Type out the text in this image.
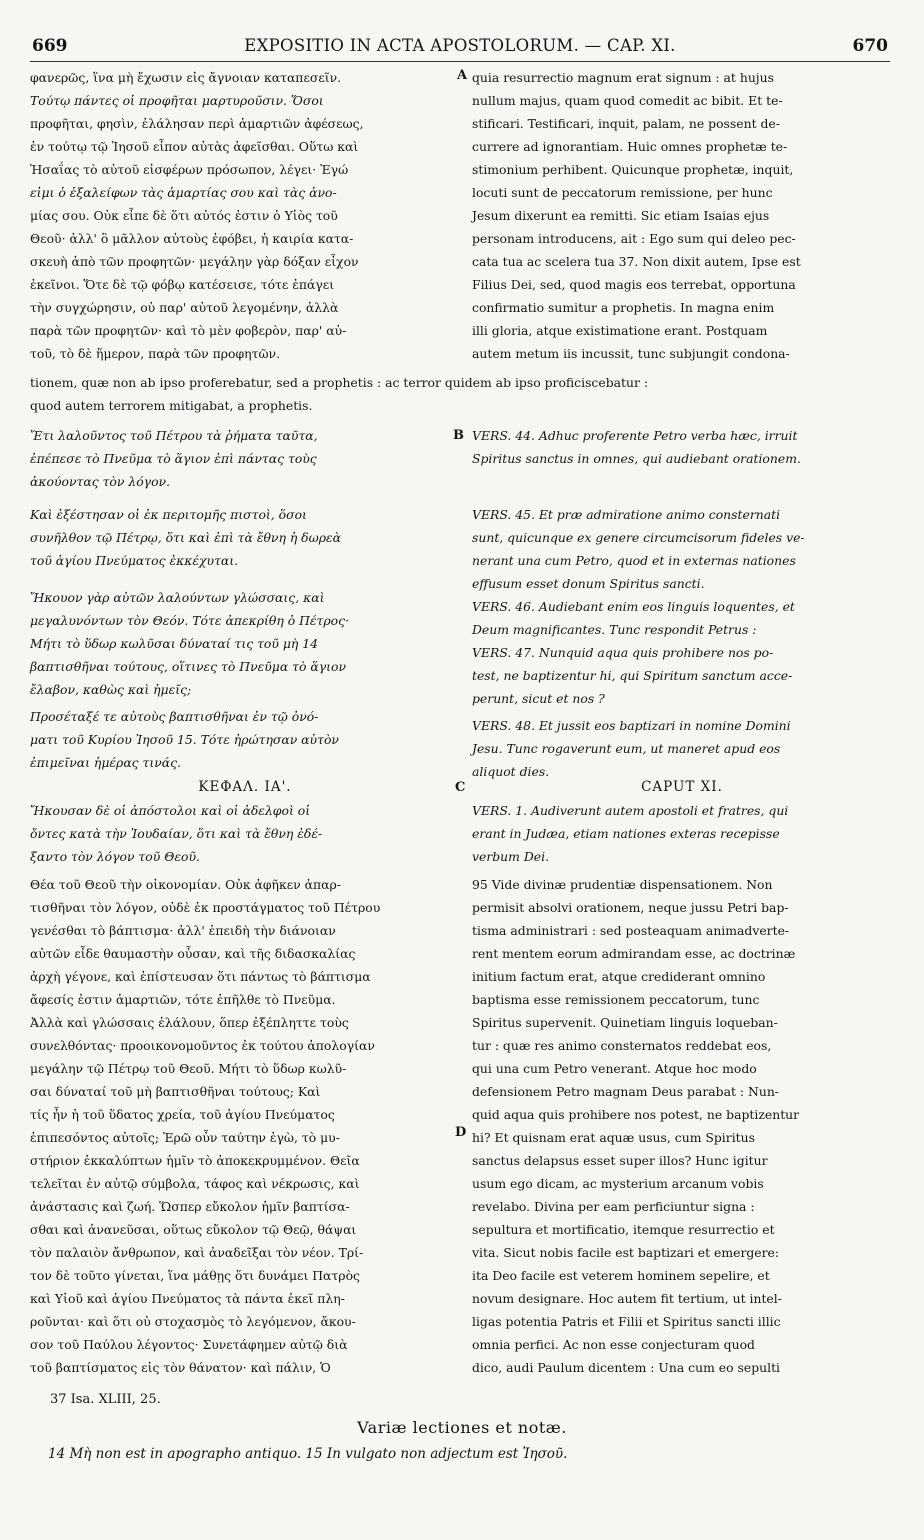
669	EXPOSITIO IN ACTA APOSTOLORUM. — CAP. XI.	670

φανερῶς, ἵνα μὴ ἔχωσιν εἰς ἄγνοιαν καταπεσεῖν.

Τούτῳ πάντες οἱ προφῆται μαρτυροῦσιν. Ὅσοι

προφῆται, φησὶν, ἐλάλησαν περὶ ἁμαρτιῶν ἀφέσεως,

ἐν τούτῳ τῷ Ἰησοῦ εἶπον αὐτὰς ἀφεῖσθαι. Οὕτω καὶ

Ἡσαΐας τὸ αὐτοῦ εἰσφέρων πρόσωπον, λέγει· Ἐγώ

εἰμι ὁ ἐξαλείφων τὰς ἁμαρτίας σου καὶ τὰς ἀνο-

μίας σου. Οὐκ εἶπε δὲ ὅτι αὐτός ἐστιν ὁ Υἱὸς τοῦ

Θεοῦ· ἀλλ' ὃ μᾶλλον αὐτοὺς ἐφόβει, ἡ καιρία κατα-

σκευὴ ἀπὸ τῶν προφητῶν· μεγάλην γὰρ δόξαν εἶχον

ἐκεῖνοι. Ὅτε δὲ τῷ φόβῳ κατέσεισε, τότε ἐπάγει

τὴν συγχώρησιν, οὐ παρ' αὐτοῦ λεγομένην, ἀλλὰ

παρὰ τῶν προφητῶν· καὶ τὸ μὲν φοβερὸν, παρ' αὐ-

τοῦ, τὸ δὲ ἥμερον, παρὰ τῶν προφητῶν.

A quia resurrectio magnum erat signum : at hujus

nullum majus, quam quod comedit ac bibit. Et te-

stificari. Testificari, inquit, palam, ne possent de-

currere ad ignorantiam. Huic omnes prophetæ te-

stimonium perhibent. Quicunque prophetæ, inquit,

locuti sunt de peccatorum remissione, per hunc

Jesum dixerunt ea remitti. Sic etiam Isaias ejus

personam introducens, ait : Ego sum qui deleo pec-

cata tua ac scelera tua 37. Non dixit autem, Ipse est

Filius Dei, sed, quod magis eos terrebat, opportuna

confirmatio sumitur a prophetis. In magna enim

illi gloria, atque existimatione erant. Postquam

autem metum iis incussit, tunc subjungit condona-

tionem, quæ non ab ipso proferebatur, sed a prophetis : ac terror quidem ab ipso proficiscebatur :

quod autem terrorem mitigabat, a prophetis.

Ἔτι λαλοῦντος τοῦ Πέτρου τὰ ῥήματα ταῦτα,

ἐπέπεσε τὸ Πνεῦμα τὸ ἅγιον ἐπὶ πάντας τοὺς

ἀκούοντας τὸν λόγον.

Καὶ ἐξέστησαν οἱ ἐκ περιτομῆς πιστοὶ, ὅσοι

συνῆλθον τῷ Πέτρῳ, ὅτι καὶ ἐπὶ τὰ ἔθνη ἡ δωρεὰ

τοῦ ἁγίου Πνεύματος ἐκκέχυται.

Ἤκουον γὰρ αὐτῶν λαλούντων γλώσσαις, καὶ

μεγαλυνόντων τὸν Θεόν. Τότε ἀπεκρίθη ὁ Πέτρος·

Μήτι τὸ ὕδωρ κωλῦσαι δύναταί τις τοῦ μὴ 14

βαπτισθῆναι τούτους, οἵτινες τὸ Πνεῦμα τὸ ἅγιον

ἔλαβον, καθὼς καὶ ἡμεῖς;

Προσέταξέ τε αὐτοὺς βαπτισθῆναι ἐν τῷ ὀνό-

ματι τοῦ Κυρίου Ἰησοῦ 15. Τότε ἠρώτησαν αὐτὸν

ἐπιμεῖναι ἡμέρας τινάς.

B VERS. 44. Adhuc proferente Petro verba hæc, irruit

Spiritus sanctus in omnes, qui audiebant orationem.

VERS. 45. Et præ admiratione animo consternati

sunt, quicunque ex genere circumcisorum fideles ve-

nerant una cum Petro, quod et in externas nationes

effusum esset donum Spiritus sancti.

VERS. 46. Audiebant enim eos linguis loquentes, et

Deum magnificantes. Tunc respondit Petrus :

VERS. 47. Nunquid aqua quis prohibere nos po-

test, ne baptizentur hi, qui Spiritum sanctum acce-

perunt, sicut et nos ?

VERS. 48. Et jussit eos baptizari in nomine Domini

Jesu. Tunc rogaverunt eum, ut maneret apud eos

aliquot dies.

ΚΕΦΑΛ. ΙΑ'.	C	CAPUT XI.

Ἤκουσαν δὲ οἱ ἀπόστολοι καὶ οἱ ἀδελφοὶ οἱ

ὄντες κατὰ τὴν Ἰουδαίαν, ὅτι καὶ τὰ ἔθνη ἐδέ-

ξαντο τὸν λόγον τοῦ Θεοῦ.

VERS. 1. Audiverunt autem apostoli et fratres, qui

erant in Judæa, etiam nationes exteras recepisse

verbum Dei.

Θέα τοῦ Θεοῦ τὴν οἰκονομίαν. Οὐκ ἀφῆκεν ἀπαρ-

τισθῆναι τὸν λόγον, οὐδὲ ἐκ προστάγματος τοῦ Πέτρου

γενέσθαι τὸ βάπτισμα· ἀλλ' ἐπειδὴ τὴν διάνοιαν

αὐτῶν εἶδε θαυμαστὴν οὖσαν, καὶ τῆς διδασκαλίας

ἀρχὴ γέγονε, καὶ ἐπίστευσαν ὅτι πάντως τὸ βάπτισμα

ἄφεσίς ἐστιν ἁμαρτιῶν, τότε ἐπῆλθε τὸ Πνεῦμα.

Ἀλλὰ καὶ γλώσσαις ἐλάλουν, ὅπερ ἐξέπληττε τοὺς

συνελθόντας· προοικονομοῦντος ἐκ τούτου ἀπολογίαν

μεγάλην τῷ Πέτρῳ τοῦ Θεοῦ. Μήτι τὸ ὕδωρ κωλῦ-

σαι δύναταί τοῦ μὴ βαπτισθῆναι τούτους; Καὶ

τίς ἦν ἡ τοῦ ὕδατος χρεία, τοῦ ἁγίου Πνεύματος

ἐπιπεσόντος αὐτοῖς; Ἐρῶ οὖν ταύτην ἐγὼ, τὸ μυ-

στήριον ἐκκαλύπτων ἡμῖν τὸ ἀποκεκρυμμένον. Θεῖα

τελεῖται ἐν αὐτῷ σύμβολα, τάφος καὶ νέκρωσις, καὶ

ἀνάστασις καὶ ζωή. Ὥσπερ εὔκολον ἡμῖν βαπτίσα-

σθαι καὶ ἀνανεῦσαι, οὕτως εὔκολον τῷ Θεῷ, θάψαι

τὸν παλαιὸν ἄνθρωπον, καὶ ἀναδεῖξαι τὸν νέον. Τρί-

τον δὲ τοῦτο γίνεται, ἵνα μάθῃς ὅτι δυνάμει Πατρὸς

καὶ Υἱοῦ καὶ ἁγίου Πνεύματος τὰ πάντα ἐκεῖ πλη-

ροῦνται· καὶ ὅτι οὐ στοχασμὸς τὸ λεγόμενον, ἄκου-

σον τοῦ Παύλου λέγοντος· Συνετάφημεν αὐτῷ διὰ

τοῦ βαπτίσματος εἰς τὸν θάνατον· καὶ πάλιν, Ὁ

D

95 Vide divinæ prudentiæ dispensationem. Non

permisit absolvi orationem, neque jussu Petri bap-

tisma administrari : sed posteaquam animadverte-

rent mentem eorum admirandam esse, ac doctrinæ

initium factum erat, atque crediderant omnino

baptisma esse remissionem peccatorum, tunc

Spiritus supervenit. Quinetiam linguis loqueban-

tur : quæ res animo consternatos reddebat eos,

qui una cum Petro venerant. Atque hoc modo

defensionem Petro magnam Deus parabat : Nun-

quid aqua quis prohibere nos potest, ne baptizentur

hi? Et quisnam erat aquæ usus, cum Spiritus

sanctus delapsus esset super illos? Hunc igitur

usum ego dicam, ac mysterium arcanum vobis

revelabo. Divina per eam perficiuntur signa :

sepultura et mortificatio, itemque resurrectio et

vita. Sicut nobis facile est baptizari et emergere:

ita Deo facile est veterem hominem sepelire, et

novum designare. Hoc autem fit tertium, ut intel-

ligas potentia Patris et Filii et Spiritus sancti illic

omnia perfici. Ac non esse conjecturam quod

dico, audi Paulum dicentem : Una cum eo sepulti

37 Isa. XLIII, 25.
Variæ lectiones et notæ.
14 Μὴ non est in apographo antiquo. 15 In vulgato non adjectum est Ἰησοῦ.
